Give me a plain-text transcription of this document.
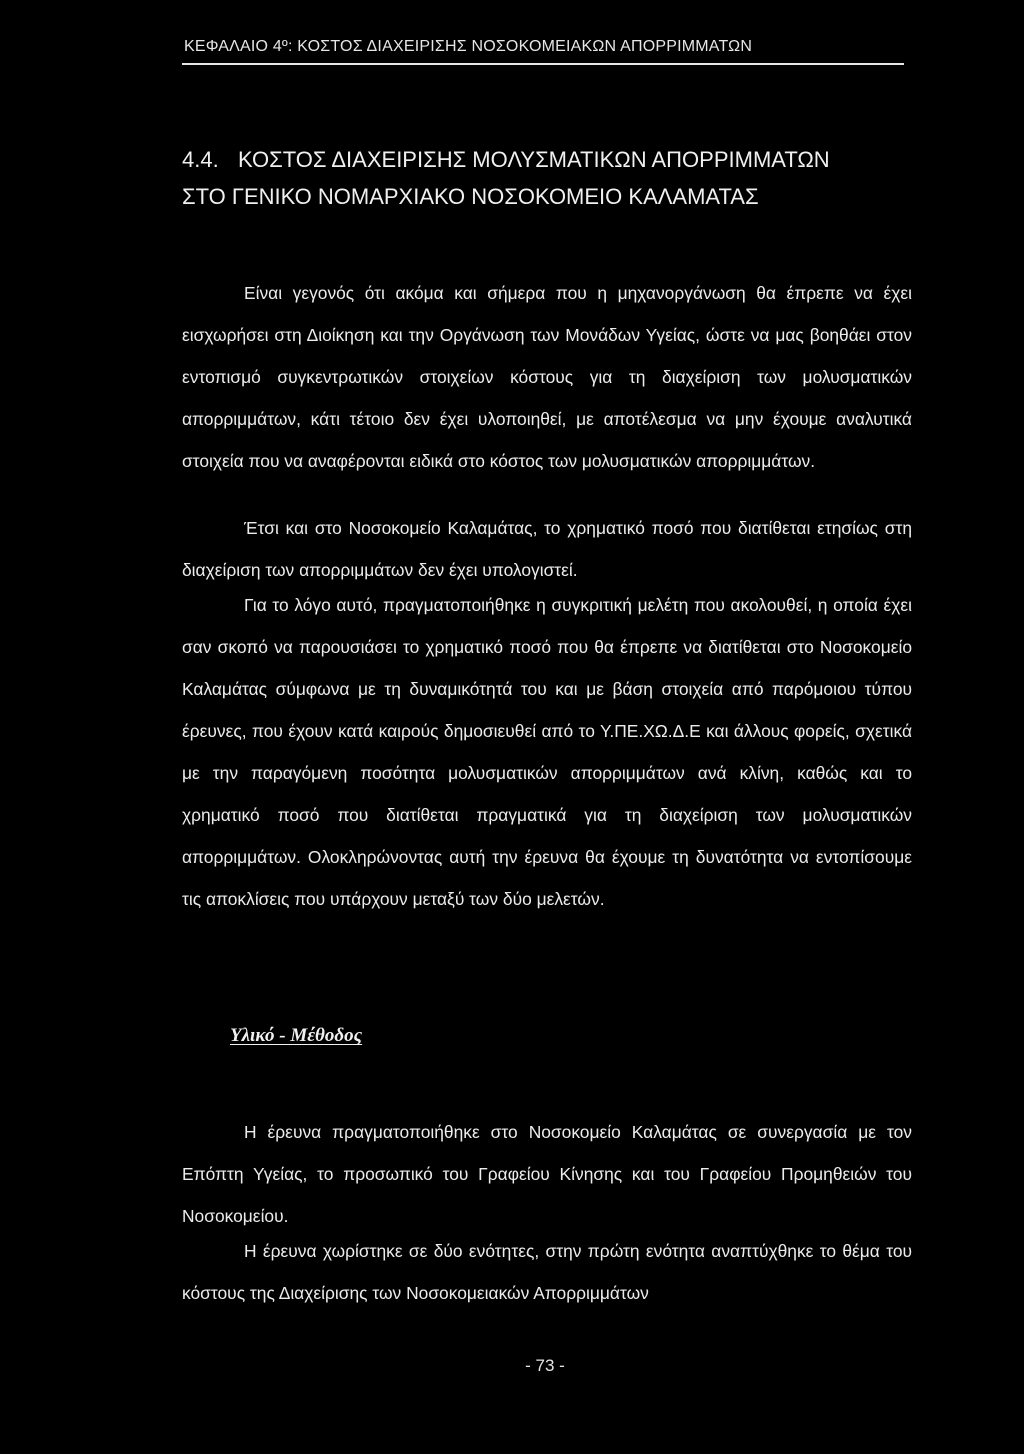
ΚΕΦΑΛΑΙΟ 4º: ΚΟΣΤΟΣ ΔΙΑΧΕΙΡΙΣΗΣ ΝΟΣΟΚΟΜΕΙΑΚΩΝ ΑΠΟΡΡΙΜΜΑΤΩΝ
4.4. ΚΟΣΤΟΣ ΔΙΑΧΕΙΡΙΣΗΣ ΜΟΛΥΣΜΑΤΙΚΩΝ ΑΠΟΡΡΙΜΜΑΤΩΝ
ΣΤΟ ΓΕΝΙΚΟ ΝΟΜΑΡΧΙΑΚΟ ΝΟΣΟΚΟΜΕΙΟ ΚΑΛΑΜΑΤΑΣ

Είναι γεγονός ότι ακόμα και σήμερα που η μηχανοργάνωση θα έπρεπε να έχει εισχωρήσει στη Διοίκηση και την Οργάνωση των Μονάδων Υγείας, ώστε να μας βοηθάει στον εντοπισμό συγκεντρωτικών στοιχείων κόστους για τη διαχείριση των μολυσματικών απορριμμάτων, κάτι τέτοιο δεν έχει υλοποιηθεί, με αποτέλεσμα να μην έχουμε αναλυτικά στοιχεία που να αναφέρονται ειδικά στο κόστος των μολυσματικών απορριμμάτων.

Έτσι και στο Νοσοκομείο Καλαμάτας, το χρηματικό ποσό που διατίθεται ετησίως στη διαχείριση των απορριμμάτων δεν έχει υπολογιστεί.

Για το λόγο αυτό, πραγματοποιήθηκε η συγκριτική μελέτη που ακολουθεί, η οποία έχει σαν σκοπό να παρουσιάσει το χρηματικό ποσό που θα έπρεπε να διατίθεται στο Νοσοκομείο Καλαμάτας σύμφωνα με τη δυναμικότητά του και με βάση στοιχεία από παρόμοιου τύπου έρευνες, που έχουν κατά καιρούς δημοσιευθεί από το Υ.ΠΕ.ΧΩ.Δ.Ε και άλλους φορείς, σχετικά με την παραγόμενη ποσότητα μολυσματικών απορριμμάτων ανά κλίνη, καθώς και το χρηματικό ποσό που διατίθεται πραγματικά για τη διαχείριση των μολυσματικών απορριμμάτων. Ολοκληρώνοντας αυτή την έρευνα θα έχουμε τη δυνατότητα να εντοπίσουμε τις αποκλίσεις που υπάρχουν μεταξύ των δύο μελετών.

Υλικό - Μέθοδος

Η έρευνα πραγματοποιήθηκε στο Νοσοκομείο Καλαμάτας σε συνεργασία με τον Επόπτη Υγείας, το προσωπικό του Γραφείου Κίνησης και του Γραφείου Προμηθειών του Νοσοκομείου.

Η έρευνα χωρίστηκε σε δύο ενότητες, στην πρώτη ενότητα αναπτύχθηκε το θέμα του κόστους της Διαχείρισης των Νοσοκομειακών Απορριμμάτων

- 73 -
